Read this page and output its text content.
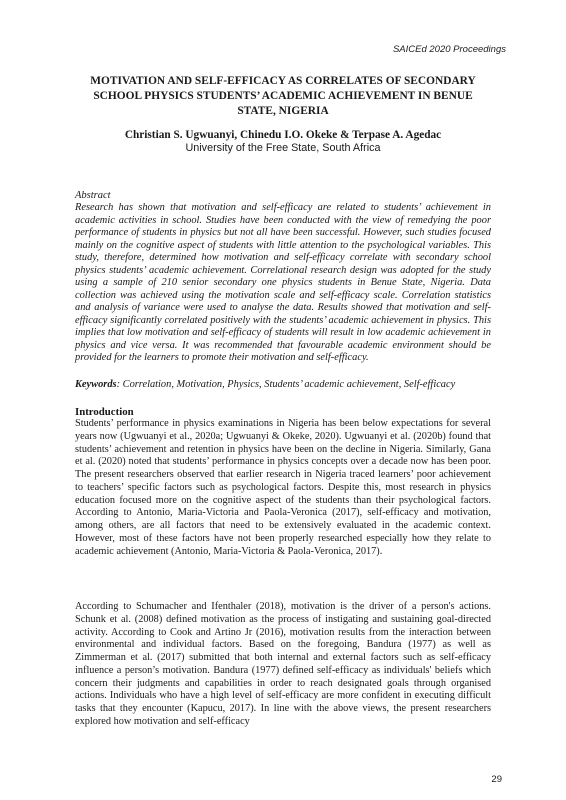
SAICEd 2020 Proceedings
MOTIVATION AND SELF-EFFICACY AS CORRELATES OF SECONDARY SCHOOL PHYSICS STUDENTS’ ACADEMIC ACHIEVEMENT IN BENUE STATE, NIGERIA
Christian S. Ugwuanyi, Chinedu I.O. Okeke & Terpase A. Agedac
University of the Free State, South Africa
Abstract

Research has shown that motivation and self-efficacy are related to students’ achievement in academic activities in school. Studies have been conducted with the view of remedying the poor performance of students in physics but not all have been successful. However, such studies focused mainly on the cognitive aspect of students with little attention to the psychological variables. This study, therefore, determined how motivation and self-efficacy correlate with secondary school physics students’ academic achievement. Correlational research design was adopted for the study using a sample of 210 senior secondary one physics students in Benue State, Nigeria. Data collection was achieved using the motivation scale and self-efficacy scale. Correlation statistics and analysis of variance were used to analyse the data. Results showed that motivation and self-efficacy significantly correlated positively with the students’ academic achievement in physics. This implies that low motivation and self-efficacy of students will result in low academic achievement in physics and vice versa. It was recommended that favourable academic environment should be provided for the learners to promote their motivation and self-efficacy.

Keywords: Correlation, Motivation, Physics, Students’ academic achievement, Self-efficacy

Introduction

Students’ performance in physics examinations in Nigeria has been below expectations for several years now (Ugwuanyi et al., 2020a; Ugwuanyi & Okeke, 2020). Ugwuanyi et al. (2020b) found that students’ achievement and retention in physics have been on the decline in Nigeria. Similarly, Gana et al. (2020) noted that students’ performance in physics concepts over a decade now has been poor. The present researchers observed that earlier research in Nigeria traced learners’ poor achievement to teachers’ specific factors such as psychological factors. Despite this, most research in physics education focused more on the cognitive aspect of the students than their psychological factors. According to Antonio, Maria-Victoria and Paola-Veronica (2017), self-efficacy and motivation, among others, are all factors that need to be extensively evaluated in the academic context. However, most of these factors have not been properly researched especially how they relate to academic achievement (Antonio, Maria-Victoria & Paola-Veronica, 2017).

According to Schumacher and Ifenthaler (2018), motivation is the driver of a person's actions. Schunk et al. (2008) defined motivation as the process of instigating and sustaining goal-directed activity. According to Cook and Artino Jr (2016), motivation results from the interaction between environmental and individual factors. Based on the foregoing, Bandura (1977) as well as Zimmerman et al. (2017) submitted that both internal and external factors such as self-efficacy influence a person’s motivation. Bandura (1977) defined self-efficacy as individuals' beliefs which concern their judgments and capabilities in order to reach designated goals through organised actions. Individuals who have a high level of self-efficacy are more confident in executing difficult tasks that they encounter (Kapucu, 2017). In line with the above views, the present researchers explored how motivation and self-efficacy

29
